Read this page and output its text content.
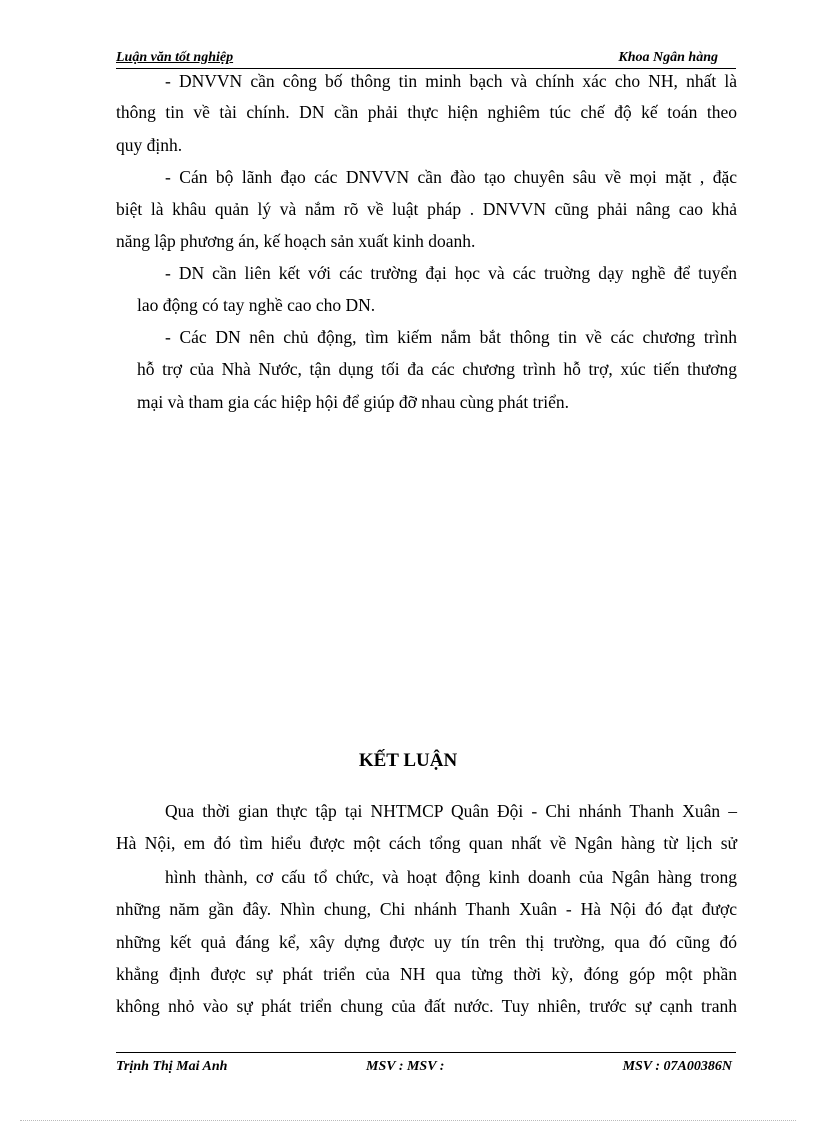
Luận văn tốt nghiệp	Khoa Ngân hàng
- DNVVN cần công bố thông tin minh bạch và chính xác cho NH, nhất là
thông tin về tài chính. DN cần phải thực hiện nghiêm túc chế độ kế toán theo
quy định.
- Cán bộ lãnh đạo các DNVVN cần đào tạo chuyên sâu về mọi mặt , đặc
biệt là khâu quản lý và nắm rõ về luật pháp . DNVVN cũng phải nâng cao khả
năng lập phương án, kế hoạch sản xuất kinh doanh.
- DN cần liên kết với các trường đại học và các truờng dạy nghề để tuyển
lao động có tay nghề cao cho DN.
- Các DN nên chủ động, tìm kiếm nắm bắt thông tin về các chương trình
hỗ trợ của Nhà Nước, tận dụng tối đa các chương trình hỗ trợ, xúc tiến thương
mại và tham gia các hiệp hội để giúp đỡ nhau cùng phát triển.
KẾT LUẬN
Qua thời gian thực tập tại NHTMCP Quân Đội - Chi nhánh Thanh Xuân –
Hà Nội, em đó tìm hiểu được một cách tổng quan nhất về Ngân hàng từ lịch sử
hình thành, cơ cấu tổ chức, và hoạt động kinh doanh của Ngân hàng trong
những năm gần đây. Nhìn chung, Chi nhánh Thanh Xuân - Hà Nội đó đạt được
những kết quả đáng kể, xây dựng được uy tín trên thị trường, qua đó cũng đó
khẳng định được sự phát triển của NH qua từng thời kỳ, đóng góp một phần
không nhỏ vào sự phát triển chung của đất nước. Tuy nhiên, trước sự cạnh tranh
Trịnh Thị Mai Anh	MSV : MSV :	MSV : 07A00386N
